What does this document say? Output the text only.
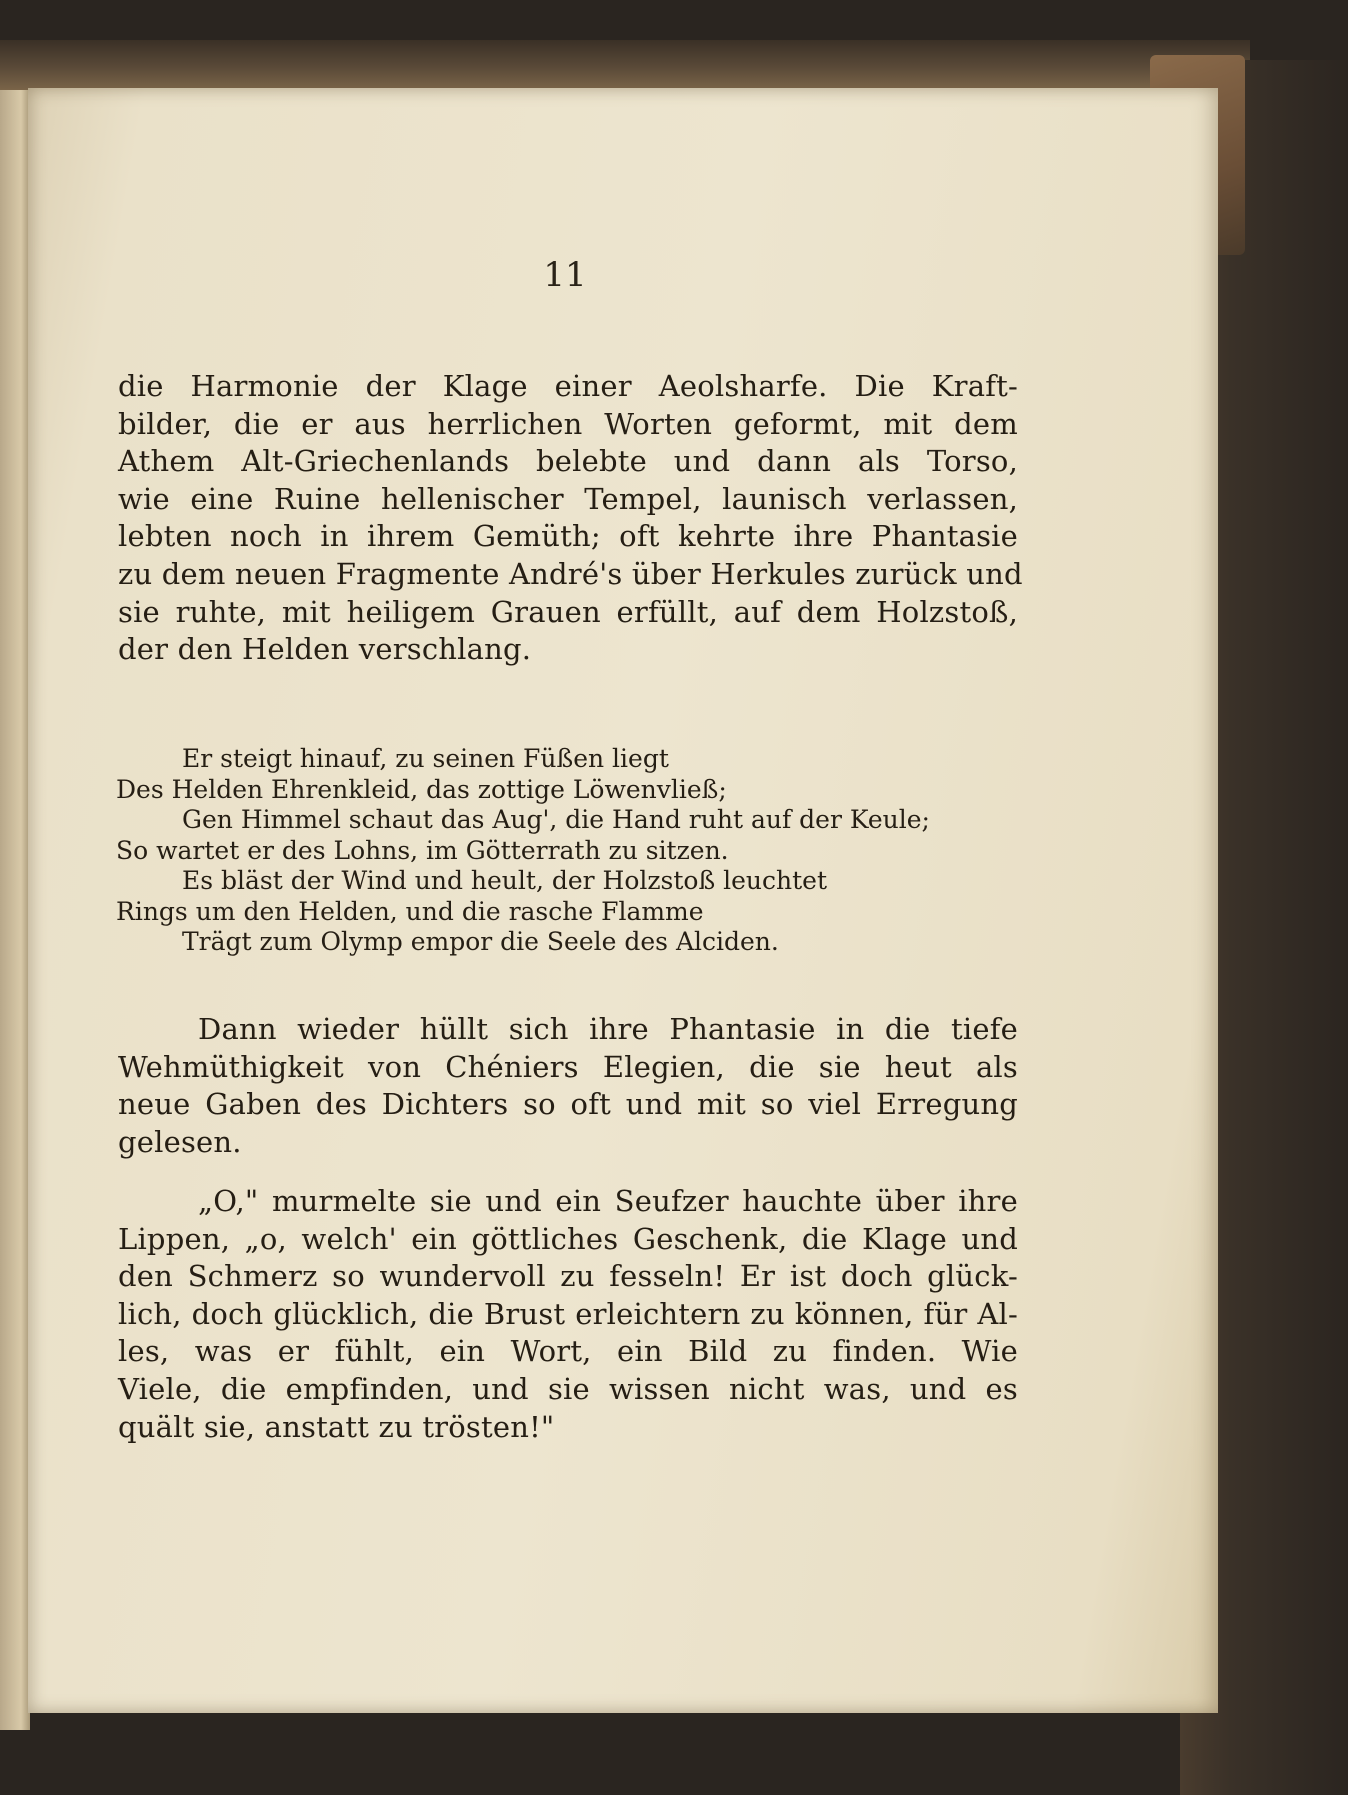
11
die Harmonie der Klage einer Aeolsharfe. Die Kraft-
bilder, die er aus herrlichen Worten geformt, mit dem
Athem Alt-Griechenlands belebte und dann als Torso,
wie eine Ruine hellenischer Tempel, launisch verlassen,
lebten noch in ihrem Gemüth; oft kehrte ihre Phantasie
zu dem neuen Fragmente André's über Herkules zurück und
sie ruhte, mit heiligem Grauen erfüllt, auf dem Holzstoß,
der den Helden verschlang.
Er steigt hinauf, zu seinen Füßen liegt
Des Helden Ehrenkleid, das zottige Löwenvließ;
Gen Himmel schaut das Aug', die Hand ruht auf der Keule;
So wartet er des Lohns, im Götterrath zu sitzen.
Es bläst der Wind und heult, der Holzstoß leuchtet
Rings um den Helden, und die rasche Flamme
Trägt zum Olymp empor die Seele des Alciden.
Dann wieder hüllt sich ihre Phantasie in die tiefe
Wehmüthigkeit von Chéniers Elegien, die sie heut als
neue Gaben des Dichters so oft und mit so viel Erregung
gelesen.
„O," murmelte sie und ein Seufzer hauchte über ihre
Lippen, „o, welch' ein göttliches Geschenk, die Klage und
den Schmerz so wundervoll zu fesseln! Er ist doch glück-
lich, doch glücklich, die Brust erleichtern zu können, für Al-
les, was er fühlt, ein Wort, ein Bild zu finden. Wie
Viele, die empfinden, und sie wissen nicht was, und es
quält sie, anstatt zu trösten!"
